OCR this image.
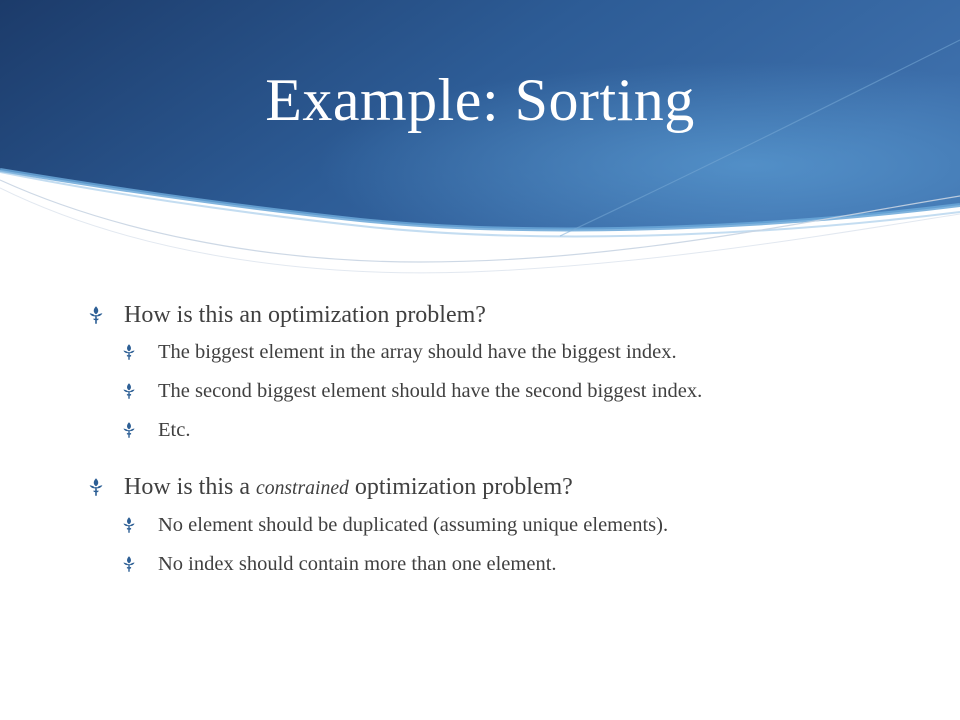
Example: Sorting
How is this an optimization problem?
The biggest element in the array should have the biggest index.
The second biggest element should have the second biggest index.
Etc.
How is this a constrained optimization problem?
No element should be duplicated (assuming unique elements).
No index should contain more than one element.
